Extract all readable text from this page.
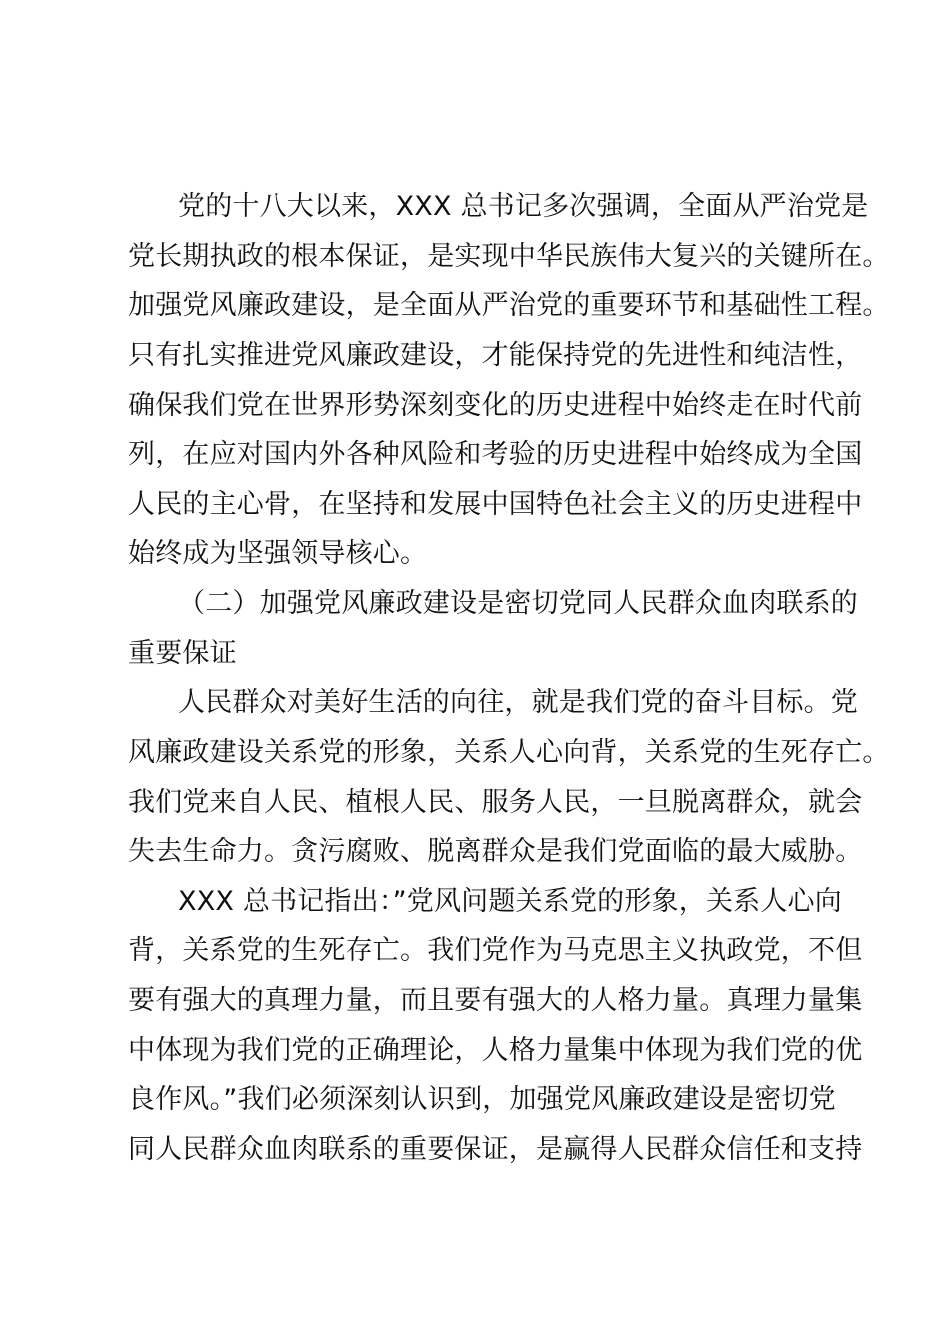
党的十八大以来，XXX 总书记多次强调，全面从严治党是
党长期执政的根本保证，是实现中华民族伟大复兴的关键所在。
加强党风廉政建设，是全面从严治党的重要环节和基础性工程。
只有扎实推进党风廉政建设，才能保持党的先进性和纯洁性，
确保我们党在世界形势深刻变化的历史进程中始终走在时代前
列，在应对国内外各种风险和考验的历史进程中始终成为全国
人民的主心骨，在坚持和发展中国特色社会主义的历史进程中
始终成为坚强领导核心。
（二）加强党风廉政建设是密切党同人民群众血肉联系的
重要保证
人民群众对美好生活的向往，就是我们党的奋斗目标。党
风廉政建设关系党的形象，关系人心向背，关系党的生死存亡。
我们党来自人民、植根人民、服务人民，一旦脱离群众，就会
失去生命力。贪污腐败、脱离群众是我们党面临的最大威胁。
XXX 总书记指出：”党风问题关系党的形象，关系人心向
背，关系党的生死存亡。我们党作为马克思主义执政党，不但
要有强大的真理力量，而且要有强大的人格力量。真理力量集
中体现为我们党的正确理论，人格力量集中体现为我们党的优
良作风。”我们必须深刻认识到，加强党风廉政建设是密切党
同人民群众血肉联系的重要保证，是赢得人民群众信任和支持
